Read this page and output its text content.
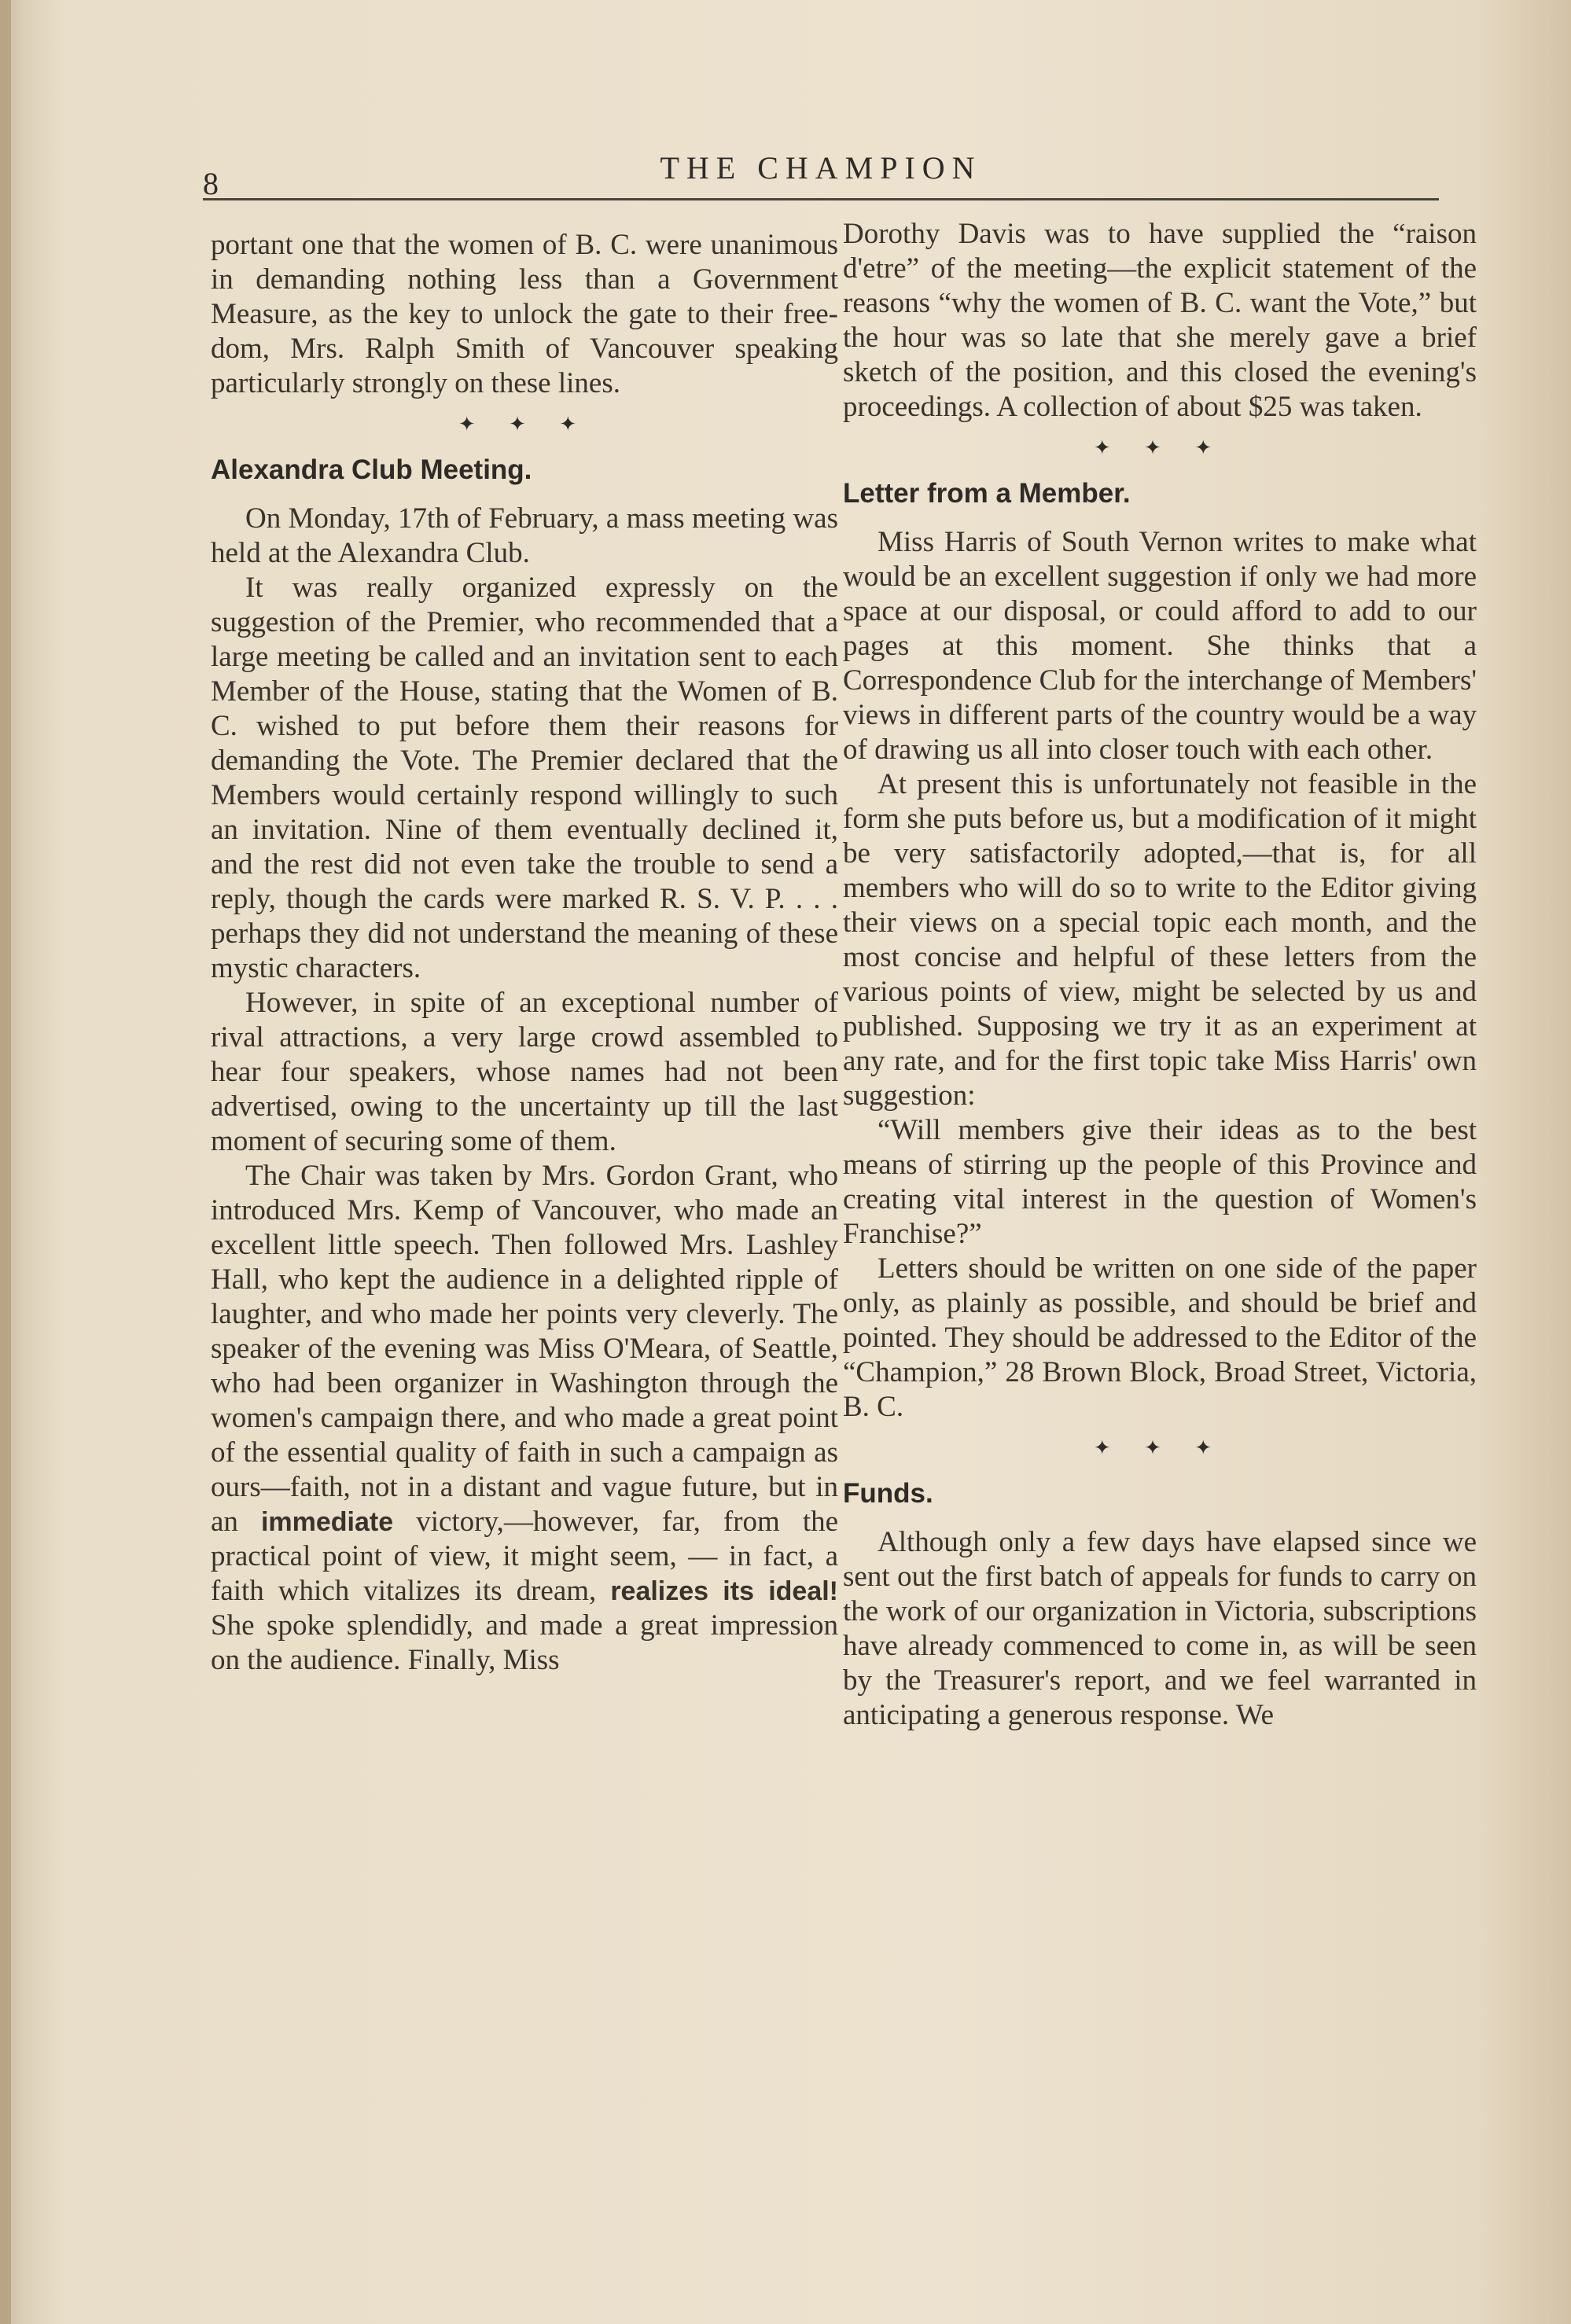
8	THE CHAMPION

portant one that the women of B. C. were unanimous in demanding nothing less than a Government Measure, as the key to unlock the gate to their freedom, Mrs. Ralph Smith of Vancouver speaking particularly strongly on these lines.

✦ ✦ ✦
Alexandra Club Meeting.

On Monday, 17th of February, a mass meeting was held at the Alexandra Club.

It was really organized expressly on the suggestion of the Premier, who recommended that a large meeting be called and an invitation sent to each Member of the House, stating that the Women of B. C. wished to put before them their reasons for demanding the Vote. The Premier declared that the Members would certainly respond willingly to such an invitation. Nine of them eventually declined it, and the rest did not even take the trouble to send a reply, though the cards were marked R. S. V. P. . . . perhaps they did not understand the meaning of these mystic characters.

However, in spite of an exceptional number of rival attractions, a very large crowd assembled to hear four speakers, whose names had not been advertised, owing to the uncertainty up till the last moment of securing some of them.

The Chair was taken by Mrs. Gordon Grant, who introduced Mrs. Kemp of Vancouver, who made an excellent little speech. Then followed Mrs. Lashley Hall, who kept the audience in a delighted ripple of laughter, and who made her points very cleverly. The speaker of the evening was Miss O'Meara, of Seattle, who had been organizer in Washington through the women's campaign there, and who made a great point of the essential quality of faith in such a campaign as ours—faith, not in a distant and vague future, but in an immediate victory,—however, far, from the practical point of view, it might seem, — in fact, a faith which vitalizes its dream, realizes its ideal! She spoke splendidly, and made a great impression on the audience. Finally, Miss

Dorothy Davis was to have supplied the “raison d'etre” of the meeting—the explicit statement of the reasons “why the women of B. C. want the Vote,” but the hour was so late that she merely gave a brief sketch of the position, and this closed the evening's proceedings. A collection of about $25 was taken.

✦ ✦ ✦
Letter from a Member.

Miss Harris of South Vernon writes to make what would be an excellent suggestion if only we had more space at our disposal, or could afford to add to our pages at this moment. She thinks that a Correspondence Club for the interchange of Members' views in different parts of the country would be a way of drawing us all into closer touch with each other.

At present this is unfortunately not feasible in the form she puts before us, but a modification of it might be very satisfactorily adopted,—that is, for all members who will do so to write to the Editor giving their views on a special topic each month, and the most concise and helpful of these letters from the various points of view, might be selected by us and published. Supposing we try it as an experiment at any rate, and for the first topic take Miss Harris' own suggestion:

“Will members give their ideas as to the best means of stirring up the people of this Province and creating vital interest in the question of Women's Franchise?”

Letters should be written on one side of the paper only, as plainly as possible, and should be brief and pointed. They should be addressed to the Editor of the “Champion,” 28 Brown Block, Broad Street, Victoria, B. C.

✦ ✦ ✦
Funds.

Although only a few days have elapsed since we sent out the first batch of appeals for funds to carry on the work of our organization in Victoria, subscriptions have already commenced to come in, as will be seen by the Treasurer's report, and we feel warranted in anticipating a generous response. We
